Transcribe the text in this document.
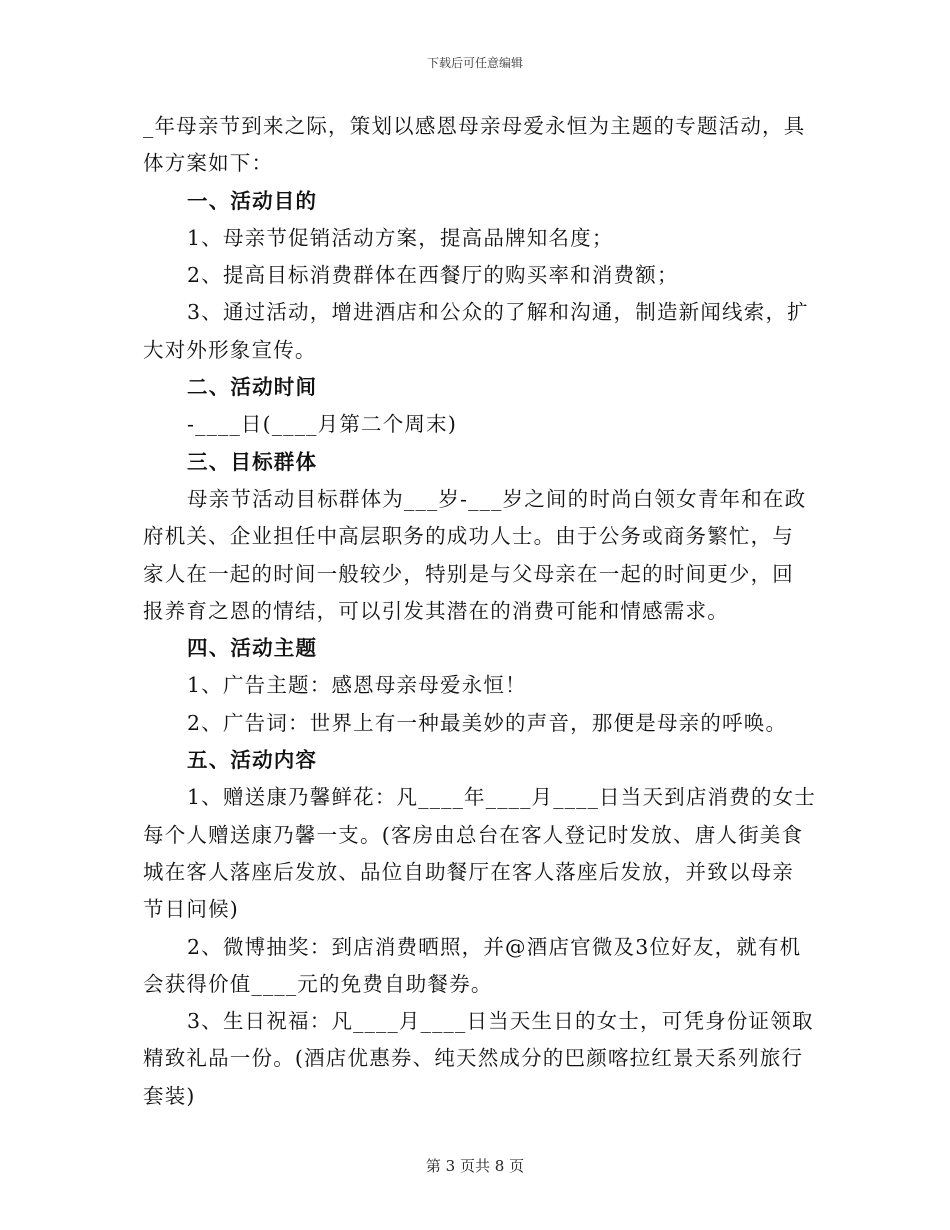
下载后可任意编辑
_年母亲节到来之际，策划以感恩母亲母爱永恒为主题的专题活动，具
体方案如下：
一、活动目的
1、母亲节促销活动方案，提高品牌知名度；
2、提高目标消费群体在西餐厅的购买率和消费额；
3、通过活动，增进酒店和公众的了解和沟通，制造新闻线索，扩
大对外形象宣传。
二、活动时间
-____日(____月第二个周末)
三、目标群体
母亲节活动目标群体为___岁-___岁之间的时尚白领女青年和在政
府机关、企业担任中高层职务的成功人士。由于公务或商务繁忙，与
家人在一起的时间一般较少，特别是与父母亲在一起的时间更少，回
报养育之恩的情结，可以引发其潜在的消费可能和情感需求。
四、活动主题
1、广告主题：感恩母亲母爱永恒！
2、广告词：世界上有一种最美妙的声音，那便是母亲的呼唤。
五、活动内容
1、赠送康乃馨鲜花：凡____年____月____日当天到店消费的女士
每个人赠送康乃馨一支。(客房由总台在客人登记时发放、唐人街美食
城在客人落座后发放、品位自助餐厅在客人落座后发放，并致以母亲
节日问候)
2、微博抽奖：到店消费晒照，并@酒店官微及3位好友，就有机
会获得价值____元的免费自助餐券。
3、生日祝福：凡____月____日当天生日的女士，可凭身份证领取
精致礼品一份。(酒店优惠券、纯天然成分的巴颜喀拉红景天系列旅行
套装)
第 3 页共 8 页
